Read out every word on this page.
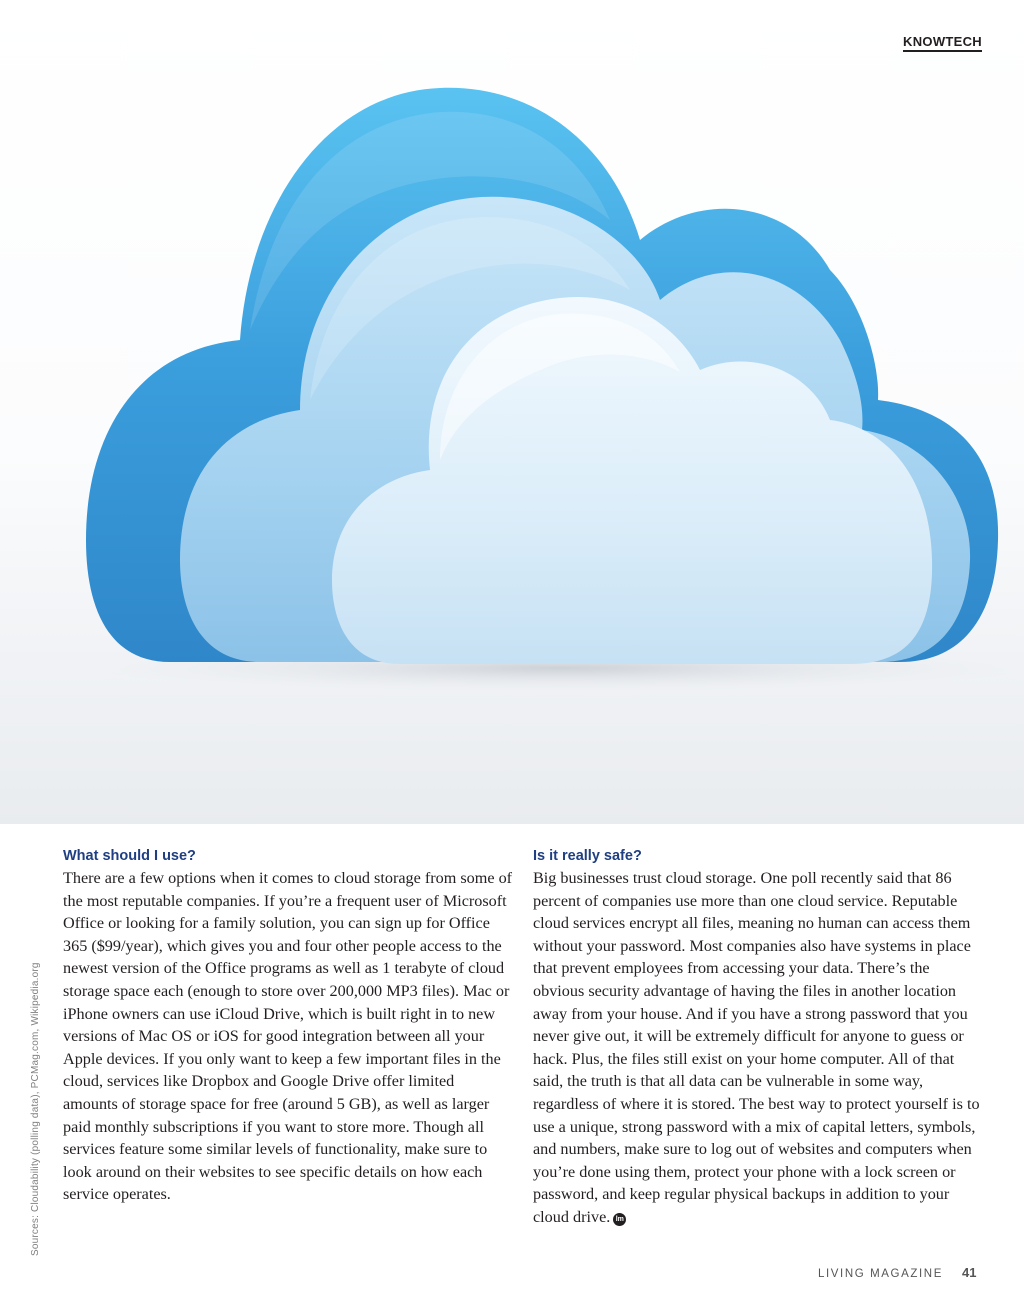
KNOWTECH
Sources: Cloudability (polling data), PCMag.com, Wikipedia.org
What should I use?

There are a few options when it comes to cloud storage from some of the most reputable companies. If you’re a frequent user of Microsoft Office or looking for a family solution, you can sign up for Office 365 ($99/year), which gives you and four other people access to the newest version of the Office programs as well as 1 terabyte of cloud storage space each (enough to store over 200,000 MP3 files). Mac or iPhone owners can use iCloud Drive, which is built right in to new versions of Mac OS or iOS for good integration between all your Apple devices. If you only want to keep a few important files in the cloud, services like Dropbox and Google Drive offer limited amounts of storage space for free (around 5 GB), as well as larger paid monthly subscriptions if you want to store more. Though all services feature some similar levels of functionality, make sure to look around on their websites to see specific details on how each service operates.

Is it really safe?

Big businesses trust cloud storage. One poll recently said that 86 percent of companies use more than one cloud service. Reputable cloud services encrypt all files, meaning no human can access them without your password. Most companies also have systems in place that prevent employees from accessing your data. There’s the obvious security advantage of having the files in another location away from your house. And if you have a strong password that you never give out, it will be extremely difficult for anyone to guess or hack. Plus, the files still exist on your home computer. All of that said, the truth is that all data can be vulnerable in some way, regardless of where it is stored. The best way to protect yourself is to use a unique, strong password with a mix of capital letters, symbols, and numbers, make sure to log out of websites and computers when you’re done using them, protect your phone with a lock screen or password, and keep regular physical backups in addition to your cloud drive. lm

LIVING MAGAZINE 41
